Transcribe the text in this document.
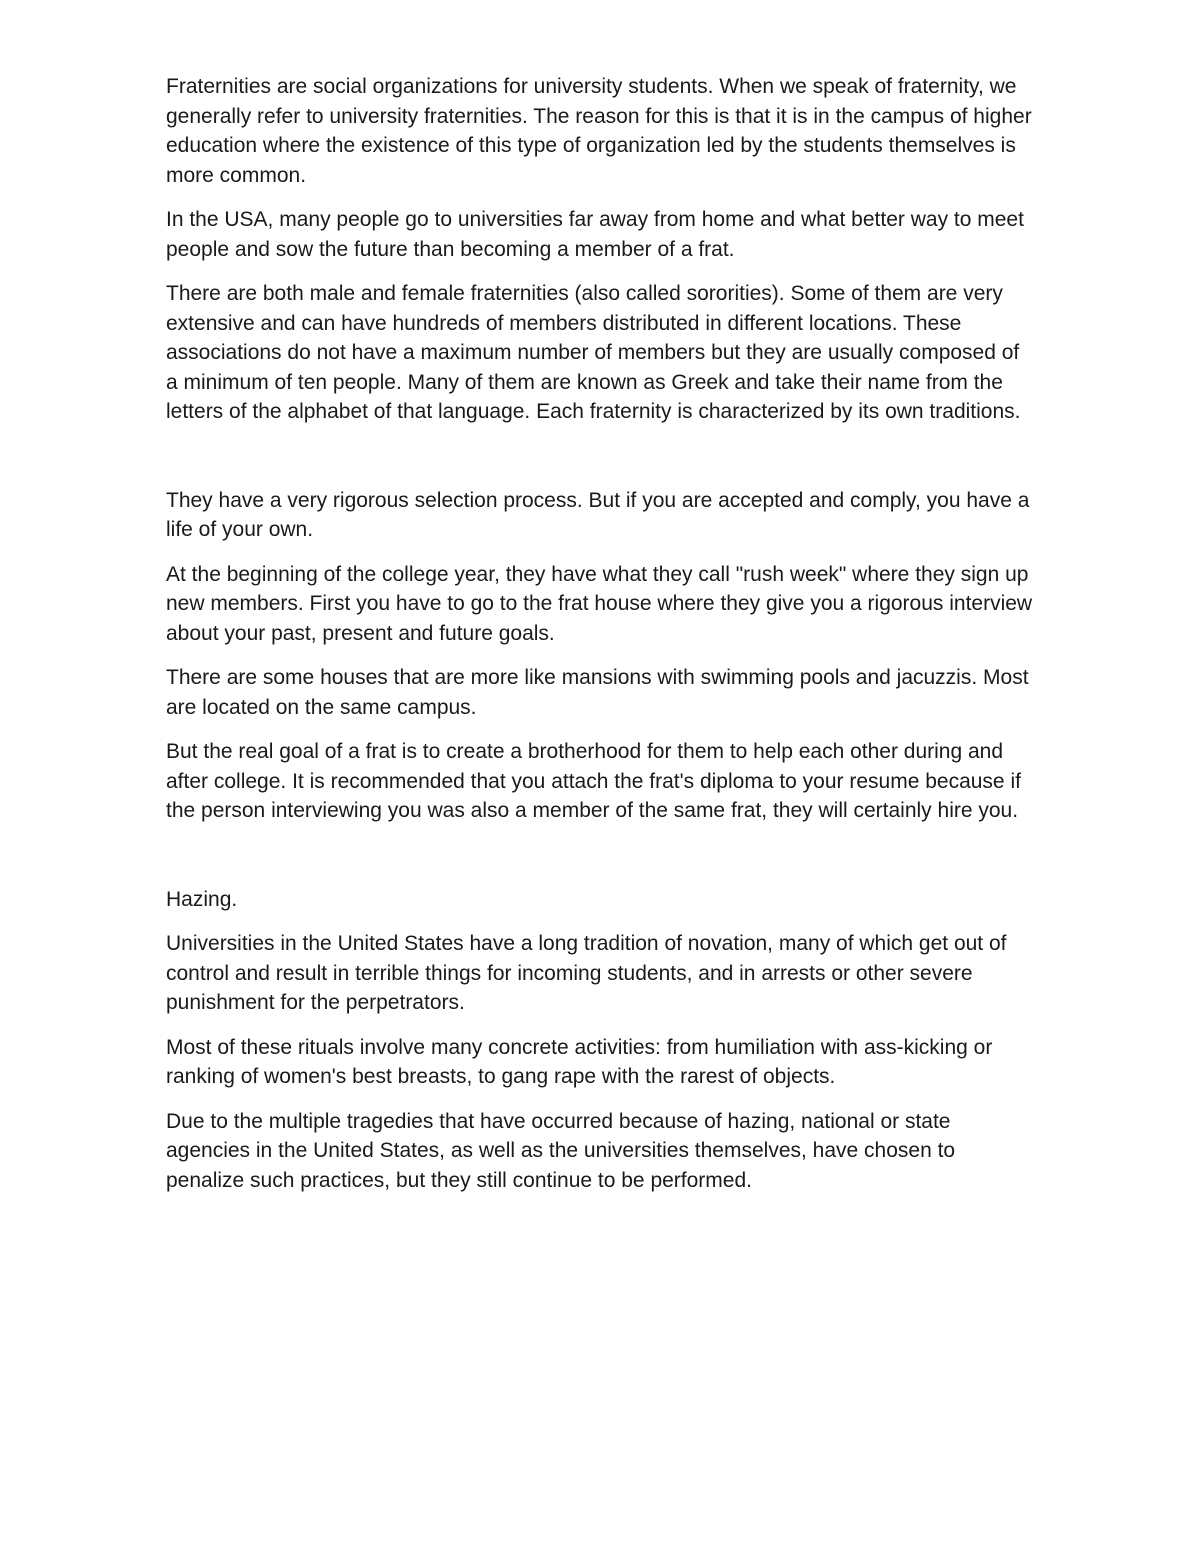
Fraternities are social organizations for university students. When we speak of fraternity, we generally refer to university fraternities. The reason for this is that it is in the campus of higher education where the existence of this type of organization led by the students themselves is more common.

In the USA, many people go to universities far away from home and what better way to meet people and sow the future than becoming a member of a frat.

There are both male and female fraternities (also called sororities). Some of them are very extensive and can have hundreds of members distributed in different locations. These associations do not have a maximum number of members but they are usually composed of a minimum of ten people. Many of them are known as Greek and take their name from the letters of the alphabet of that language. Each fraternity is characterized by its own traditions.

They have a very rigorous selection process. But if you are accepted and comply, you have a life of your own.

At the beginning of the college year, they have what they call "rush week" where they sign up new members. First you have to go to the frat house where they give you a rigorous interview about your past, present and future goals.

There are some houses that are more like mansions with swimming pools and jacuzzis. Most are located on the same campus.

But the real goal of a frat is to create a brotherhood for them to help each other during and after college. It is recommended that you attach the frat's diploma to your resume because if the person interviewing you was also a member of the same frat, they will certainly hire you.

Hazing.

Universities in the United States have a long tradition of novation, many of which get out of control and result in terrible things for incoming students, and in arrests or other severe punishment for the perpetrators.

Most of these rituals involve many concrete activities: from humiliation with ass-kicking or ranking of women's best breasts, to gang rape with the rarest of objects.

Due to the multiple tragedies that have occurred because of hazing, national or state agencies in the United States, as well as the universities themselves, have chosen to penalize such practices, but they still continue to be performed.
